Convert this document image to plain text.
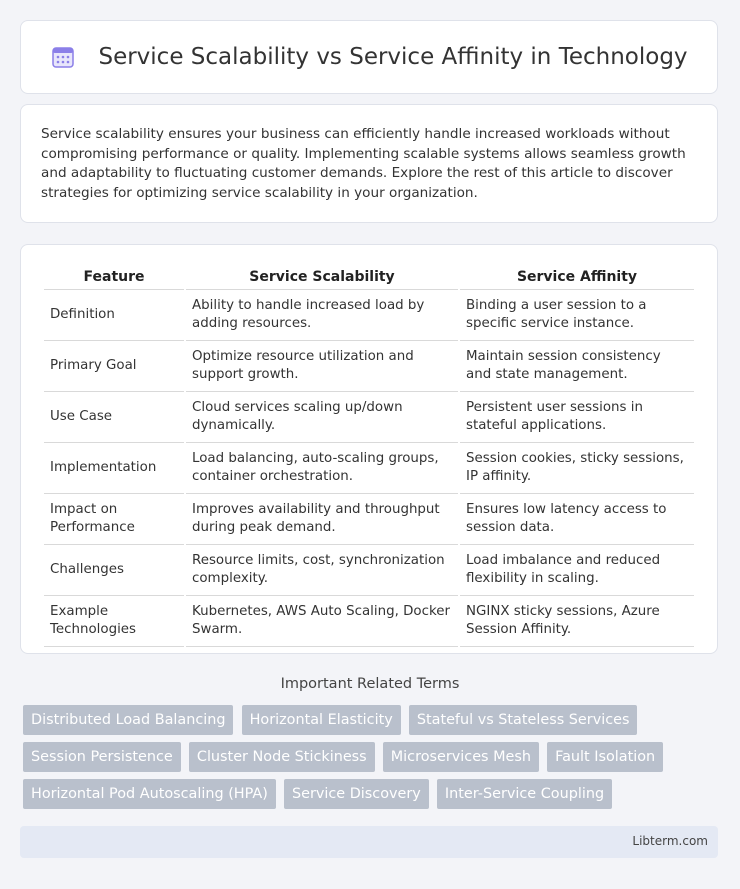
Service Scalability vs Service Affinity in Technology

Service scalability ensures your business can efficiently handle increased workloads without compromising performance or quality. Implementing scalable systems allows seamless growth and adaptability to fluctuating customer demands. Explore the rest of this article to discover strategies for optimizing service scalability in your organization.

Feature	Service Scalability	Service Affinity
Definition	Ability to handle increased load by adding resources.	Binding a user session to a specific service instance.
Primary Goal	Optimize resource utilization and support growth.	Maintain session consistency and state management.
Use Case	Cloud services scaling up/down dynamically.	Persistent user sessions in stateful applications.
Implementation	Load balancing, auto-scaling groups, container orchestration.	Session cookies, sticky sessions, IP affinity.
Impact on Performance	Improves availability and throughput during peak demand.	Ensures low latency access to session data.
Challenges	Resource limits, cost, synchronization complexity.	Load imbalance and reduced flexibility in scaling.
Example Technologies	Kubernetes, AWS Auto Scaling, Docker Swarm.	NGINX sticky sessions, Azure Session Affinity.
Important Related Terms
Distributed Load Balancing Horizontal Elasticity Stateful vs Stateless Services Session Persistence Cluster Node Stickiness Microservices Mesh Fault Isolation Horizontal Pod Autoscaling (HPA) Service Discovery Inter-Service Coupling
Libterm.com
